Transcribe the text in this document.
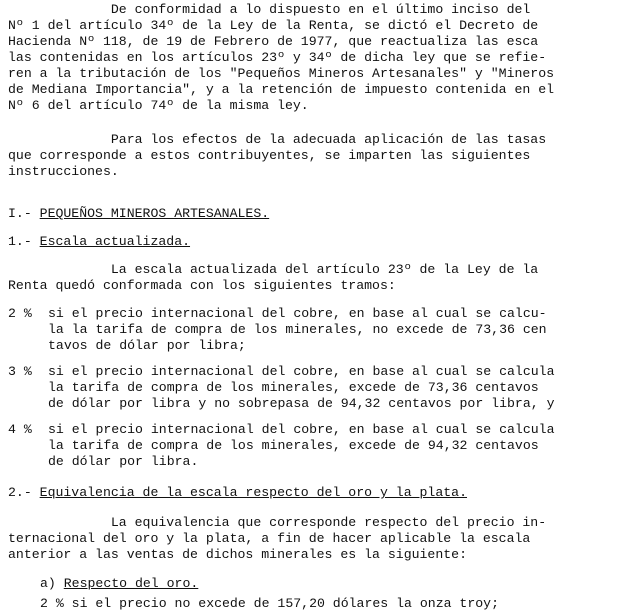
De conformidad a lo dispuesto en el último inciso del
Nº 1 del artículo 34º de la Ley de la Renta, se dictó el Decreto de
Hacienda Nº 118, de 19 de Febrero de 1977, que reactualiza las esca
las contenidas en los artículos 23º y 34º de dicha ley que se refie-
ren a la tributación de los "Pequeños Mineros Artesanales" y "Mineros
de Mediana Importancia", y a la retención de impuesto contenida en el
Nº 6 del artículo 74º de la misma ley.
Para los efectos de la adecuada aplicación de las tasas
que corresponde a estos contribuyentes, se imparten las siguientes
instrucciones.
I.- PEQUEÑOS MINEROS ARTESANALES.
1.- Escala actualizada.
La escala actualizada del artículo 23º de la Ley de la
Renta quedó conformada con los siguientes tramos:
2 %	si el precio internacional del cobre, en base al cual se calcu-
la la tarifa de compra de los minerales, no excede de 73,36 cen
tavos de dólar por libra;
3 %	si el precio internacional del cobre, en base al cual se calcula
la tarifa de compra de los minerales, excede de 73,36 centavos
de dólar por libra y no sobrepasa de 94,32 centavos por libra, y
4 %	si el precio internacional del cobre, en base al cual se calcula
la tarifa de compra de los minerales, excede de 94,32 centavos
de dólar por libra.
2.- Equivalencia de la escala respecto del oro y la plata.
La equivalencia que corresponde respecto del precio in-
ternacional del oro y la plata, a fin de hacer aplicable la escala
anterior a las ventas de dichos minerales es la siguiente:
a) Respecto del oro.
2 % si el precio no excede de 157,20 dólares la onza troy;
